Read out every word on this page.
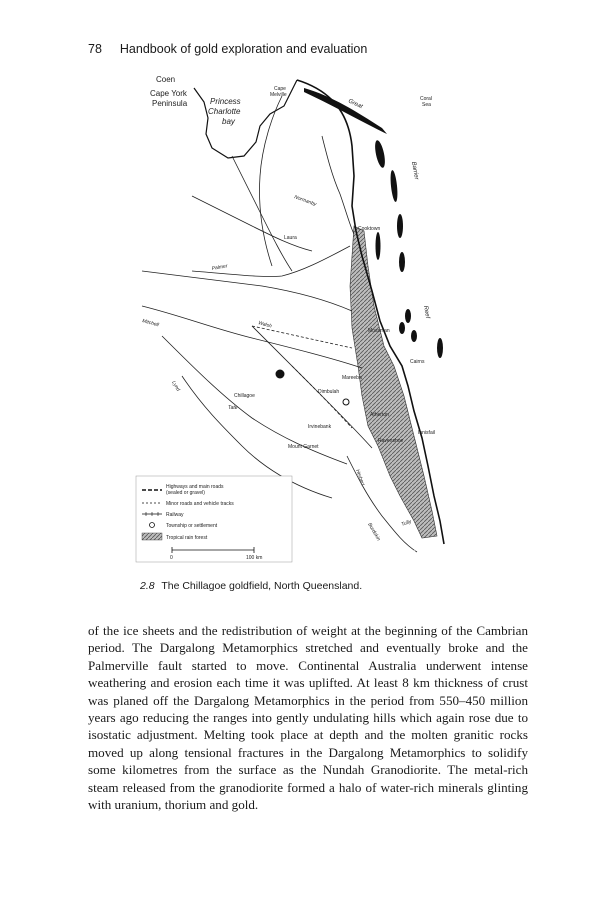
78 Handbook of gold exploration and evaluation
Coen
Cape York
Peninsula	Princess
Charlotte
bay
Cape
Melville
Coral
Sea
Great
Barrier
Reef
Cooktown
Laura
Normanby
Palmer
Mitchell	Walsh
Mossman
Cairns
Mareeba
Dimbulah
Chillagoe
Tate
Lynd
Atherton
Innisfail
Irvinebank
Mount Garnet
Ravenshoe
Herbert
Burdekin	Tully
Ingham
Highways and main roads
(sealed or gravel)
Minor roads and vehicle tracks
Railway
Township or settlement
Tropical rain forest
0	100 km
2.8 The Chillagoe goldfield, North Queensland.

of the ice sheets and the redistribution of weight at the beginning of the Cambrian period. The Dargalong Metamorphics stretched and eventually broke and the Palmerville fault started to move. Continental Australia underwent intense weathering and erosion each time it was uplifted. At least 8 km thickness of crust was planed off the Dargalong Metamorphics in the period from 550–450 million years ago reducing the ranges into gently undulating hills which again rose due to isostatic adjustment. Melting took place at depth and the molten granitic rocks moved up along tensional fractures in the Dargalong Metamorphics to solidify some kilometres from the surface as the Nundah Granodiorite. The metal-rich steam released from the granodiorite formed a halo of water-rich minerals glinting with uranium, thorium and gold.
